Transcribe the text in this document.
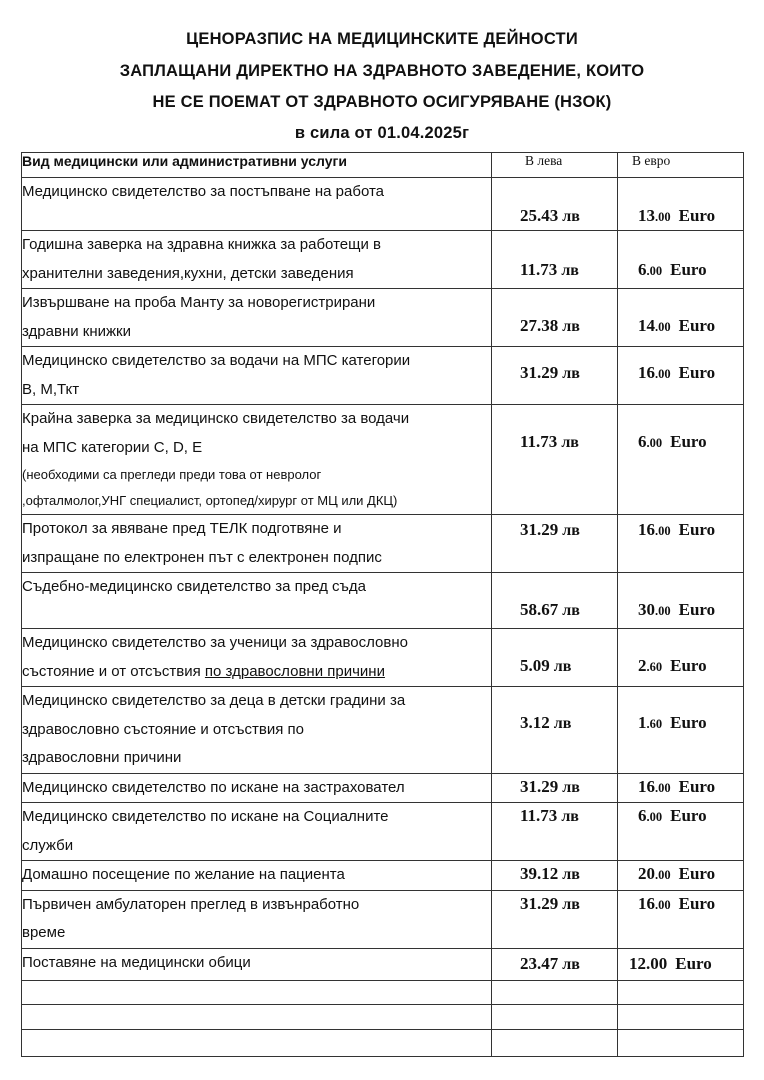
ЦЕНОРАЗПИС НА МЕДИЦИНСКИТЕ ДЕЙНОСТИ
ЗАПЛАЩАНИ ДИРЕКТНО НА ЗДРАВНОТО ЗАВЕДЕНИЕ, КОИТО
НЕ СЕ ПОЕМАТ ОТ ЗДРАВНОТО ОСИГУРЯВАНЕ (НЗОК)
в сила от 01.04.2025г
Вид медицински или административни услуги	В лева	В евро
Медицинско свидетелство за постъпване на работа	25.43 лв	13.00 Euro

Годишна заверка на здравна книжка за работещи в
хранителни заведения,кухни, детски заведения	11.73 лв	6.00 Euro

Извършване на проба Манту за новорегистрирани
здравни книжки	27.38 лв	14.00 Euro

Медицинско свидетелство за водачи на МПС категории
В, М,Ткт	31.29 лв	16.00 Euro

Крайна заверка за медицинско свидетелство за водачи
на МПС категории С, D, Е
(необходими са прегледи преди това от невролог
,офталмолог,УНГ специалист, ортопед/хирург от МЦ или ДКЦ)	11.73 лв	6.00 Euro

Протокол за явяване пред ТЕЛК подготвяне и
изпращане по електронен път с електронен подпис	31.29 лв	16.00 Euro

Съдебно-медицинско свидетелство за пред съда	58.67 лв	30.00 Euro

Медицинско свидетелство за ученици за здравословно
състояние и от отсъствия по здравословни причини	5.09 лв	2.60 Euro

Медицинско свидетелство за деца в детски градини за
здравословно състояние и отсъствия по
здравословни причини	3.12 лв	1.60 Euro

Медицинско свидетелство по искане на застраховател	31.29 лв	16.00 Euro

Медицинско свидетелство по искане на Социалните
служби	11.73 лв	6.00 Euro

Домашно посещение по желание на пациента	39.12 лв	20.00 Euro

Първичен амбулаторен преглед в извънработно
време	31.29 лв	16.00 Euro

Поставяне на медицински обици	23.47 лв	12.00 Euro
